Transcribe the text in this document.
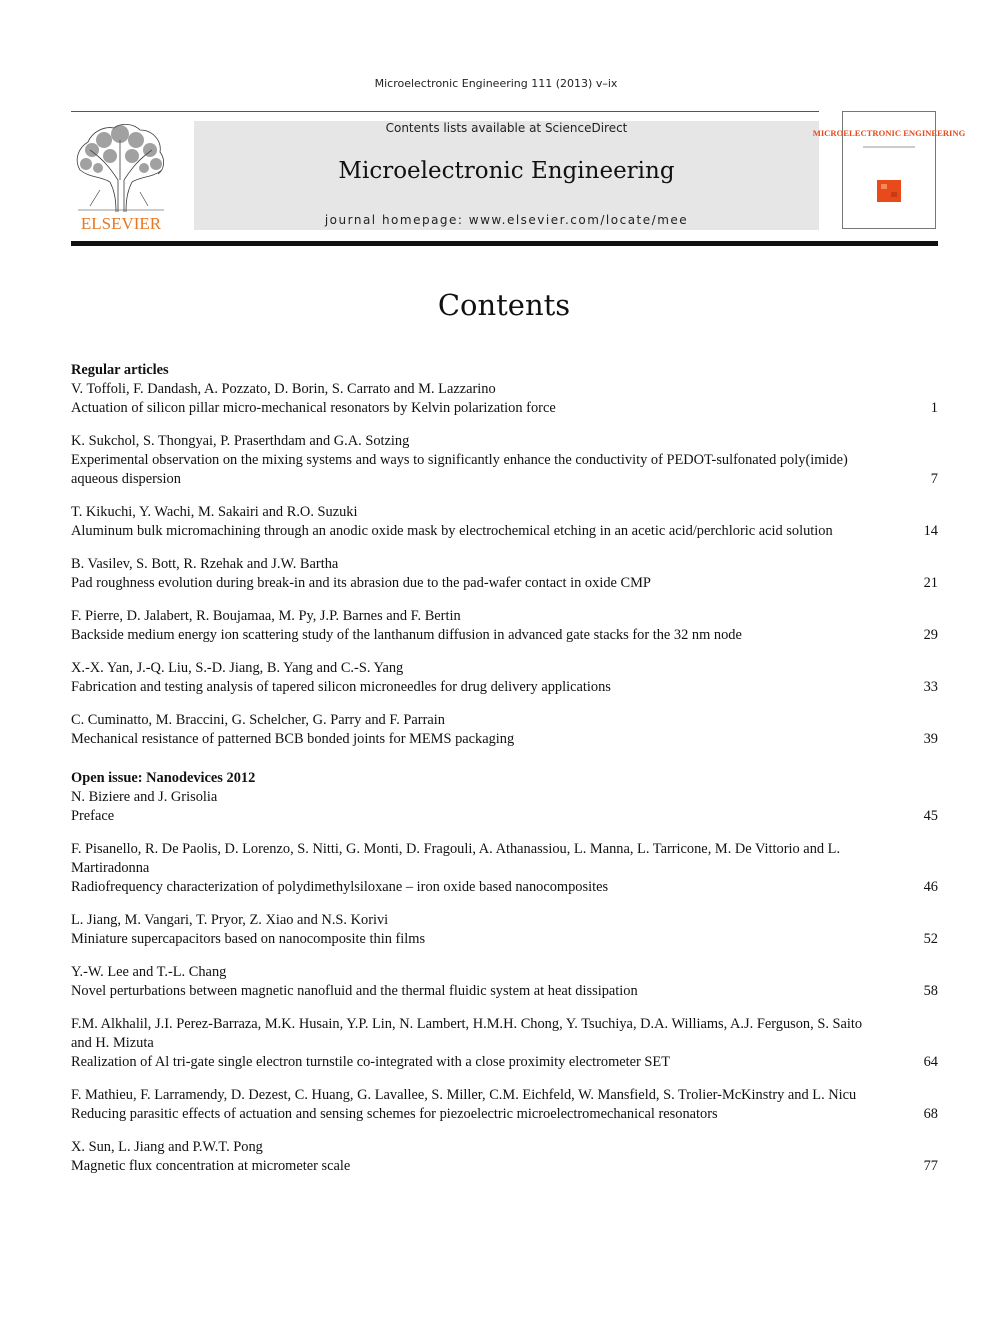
Microelectronic Engineering 111 (2013) v–ix
ELSEVIER
Contents lists available at ScienceDirect
Microelectronic Engineering
journal homepage: www.elsevier.com/locate/mee
MICROELECTRONIC ENGINEERING
Contents
Regular articles
V. Toffoli, F. Dandash, A. Pozzato, D. Borin, S. Carrato and M. Lazzarino
Actuation of silicon pillar micro-mechanical resonators by Kelvin polarization force	1
K. Sukchol, S. Thongyai, P. Praserthdam and G.A. Sotzing
Experimental observation on the mixing systems and ways to significantly enhance the conductivity of PEDOT-sulfonated poly(imide) aqueous dispersion	7
T. Kikuchi, Y. Wachi, M. Sakairi and R.O. Suzuki
Aluminum bulk micromachining through an anodic oxide mask by electrochemical etching in an acetic acid/perchloric acid solution	14
B. Vasilev, S. Bott, R. Rzehak and J.W. Bartha
Pad roughness evolution during break-in and its abrasion due to the pad-wafer contact in oxide CMP	21
F. Pierre, D. Jalabert, R. Boujamaa, M. Py, J.P. Barnes and F. Bertin
Backside medium energy ion scattering study of the lanthanum diffusion in advanced gate stacks for the 32 nm node	29
X.-X. Yan, J.-Q. Liu, S.-D. Jiang, B. Yang and C.-S. Yang
Fabrication and testing analysis of tapered silicon microneedles for drug delivery applications	33
C. Cuminatto, M. Braccini, G. Schelcher, G. Parry and F. Parrain
Mechanical resistance of patterned BCB bonded joints for MEMS packaging	39
Open issue: Nanodevices 2012
N. Biziere and J. Grisolia
Preface	45
F. Pisanello, R. De Paolis, D. Lorenzo, S. Nitti, G. Monti, D. Fragouli, A. Athanassiou, L. Manna, L. Tarricone, M. De Vittorio and L. Martiradonna
Radiofrequency characterization of polydimethylsiloxane – iron oxide based nanocomposites	46
L. Jiang, M. Vangari, T. Pryor, Z. Xiao and N.S. Korivi
Miniature supercapacitors based on nanocomposite thin films	52
Y.-W. Lee and T.-L. Chang
Novel perturbations between magnetic nanofluid and the thermal fluidic system at heat dissipation	58
F.M. Alkhalil, J.I. Perez-Barraza, M.K. Husain, Y.P. Lin, N. Lambert, H.M.H. Chong, Y. Tsuchiya, D.A. Williams, A.J. Ferguson, S. Saito and H. Mizuta
Realization of Al tri-gate single electron turnstile co-integrated with a close proximity electrometer SET	64
F. Mathieu, F. Larramendy, D. Dezest, C. Huang, G. Lavallee, S. Miller, C.M. Eichfeld, W. Mansfield, S. Trolier-McKinstry and L. Nicu
Reducing parasitic effects of actuation and sensing schemes for piezoelectric microelectromechanical resonators	68
X. Sun, L. Jiang and P.W.T. Pong
Magnetic flux concentration at micrometer scale	77
